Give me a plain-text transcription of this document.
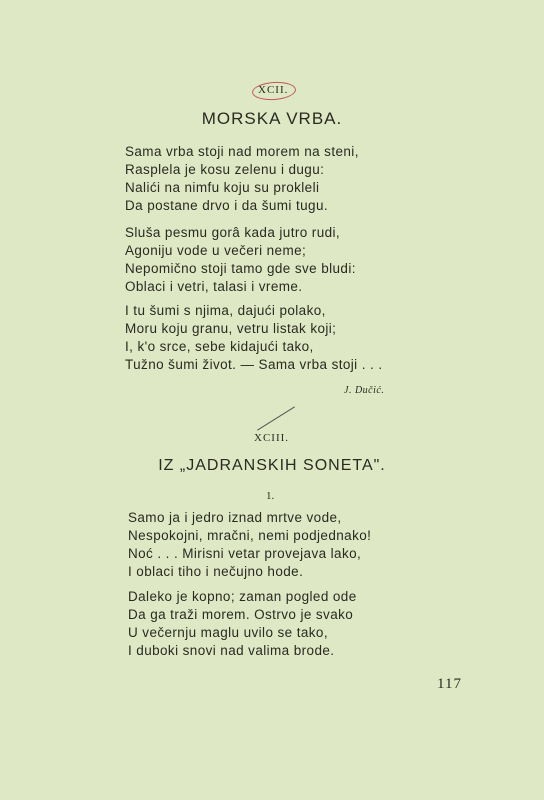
XCII.
MORSKA VRBA.
Sama vrba stoji nad morem na steni,
Rasplela je kosu zelenu i dugu:
Nalići na nimfu koju su prokleli
Da postane drvo i da šumi tugu.
Sluša pesmu gorâ kada jutro rudi,
Agoniju vode u večeri neme;
Nepomično stoji tamo gde sve bludi:
Oblaci i vetri, talasi i vreme.
I tu šumi s njima, dajući polako,
Moru koju granu, vetru listak koji;
I, k'o srce, sebe kidajući tako,
Tužno šumi život. — Sama vrba stoji . . .
J. Dučić.
XCIII.
IZ „JADRANSKIH SONETA".
1.
Samo ja i jedro iznad mrtve vode,
Nespokojni, mračni, nemi podjednako!
Noć . . . Mirisni vetar provejava lako,
I oblaci tiho i nečujno hode.
Daleko je kopno; zaman pogled ode
Da ga traži morem. Ostrvo je svako
U večernju maglu uvilo se tako,
I duboki snovi nad valima brode.
117
